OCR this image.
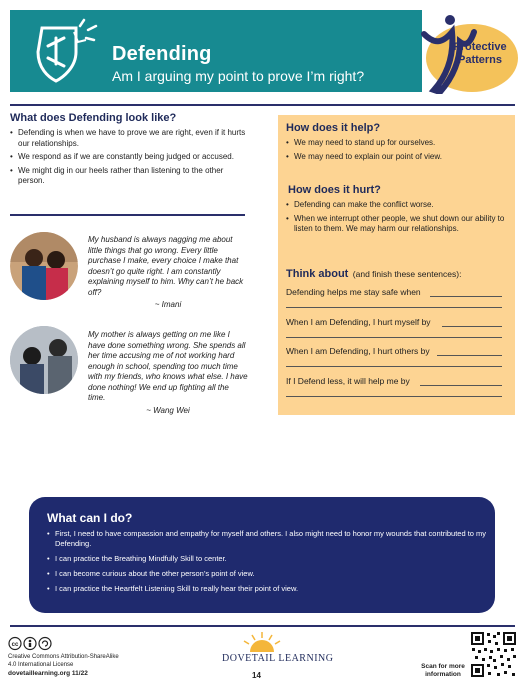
Defending
Am I arguing my point to prove I’m right?
Protective Patterns
What does Defending look like?
• Defending is when we have to prove we are right, even if it hurts our relationships.
• We respond as if we are constantly being judged or accused.
• We might dig in our heels rather than listening to the other person.
My husband is always nagging me about little things that go wrong. Every little purchase I make, every choice I make that doesn’t go quite right. I am constantly explaining myself to him. Why can’t he back off?
~ Imani
My mother is always getting on me like I have done something wrong. She spends all her time accusing me of not working hard enough in school, spending too much time with my friends, who knows what else. I have done nothing! We end up fighting all the time.
~ Wang Wei
How does it help?
• We may need to stand up for ourselves.
• We may need to explain our point of view.
How does it hurt?
• Defending can make the conflict worse.
• When we interrupt other people, we shut down our ability to listen to them. We may harm our relationships.
Think about (and finish these sentences):
Defending helps me stay safe when
When I am Defending, I hurt myself by
When I am Defending, I hurt others by
If I Defend less, it will help me by
What can I do?
• First, I need to have compassion and empathy for myself and others. I also might need to honor my wounds that contributed to my Defending.
• I can practice the Breathing Mindfully Skill to center.
• I can become curious about the other person’s point of view.
• I can practice the Heartfelt Listening Skill to really hear their point of view.
cc
Creative Commons Attribution-ShareAlike
4.0 International License
dovetaillearning.org 11/22
DOVETAIL LEARNING
14
Scan for more information
